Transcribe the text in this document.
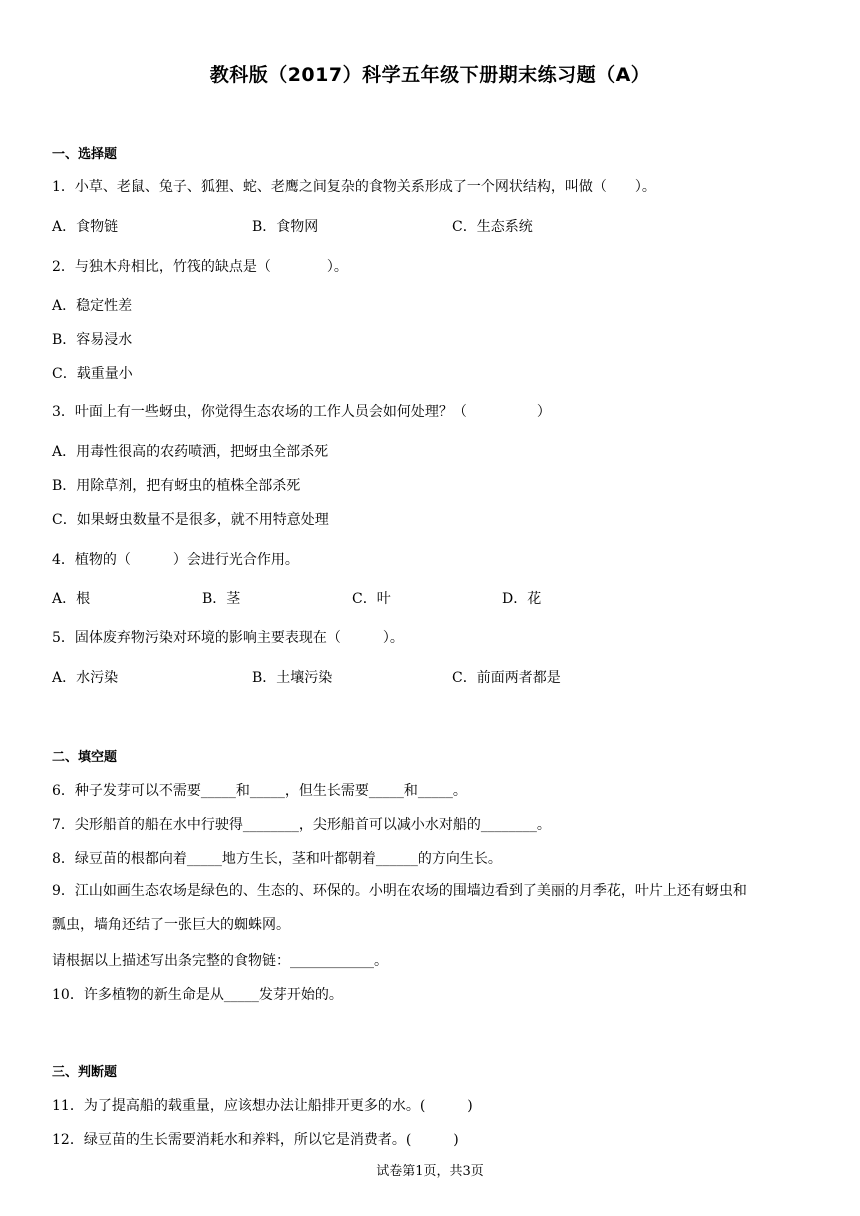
教科版（2017）科学五年级下册期末练习题（A）
一、选择题
1．小草、老鼠、兔子、狐狸、蛇、老鹰之间复杂的食物关系形成了一个网状结构，叫做（　　）。
A．食物链	B．食物网	C．生态系统
2．与独木舟相比，竹筏的缺点是（　　　　）。
A．稳定性差
B．容易浸水
C．载重量小
3．叶面上有一些蚜虫，你觉得生态农场的工作人员会如何处理？（　　　　　）
A．用毒性很高的农药喷洒，把蚜虫全部杀死
B．用除草剂，把有蚜虫的植株全部杀死
C．如果蚜虫数量不是很多，就不用特意处理
4．植物的（　　　）会进行光合作用。
A．根	B．茎	C．叶	D．花
5．固体废弃物污染对环境的影响主要表现在（　　　）。
A．水污染	B．土壤污染	C．前面两者都是
二、填空题
6．种子发芽可以不需要_____和_____，但生长需要_____和_____。
7．尖形船首的船在水中行驶得________，尖形船首可以减小水对船的________。
8．绿豆苗的根都向着_____地方生长，茎和叶都朝着______的方向生长。
9．江山如画生态农场是绿色的、生态的、环保的。小明在农场的围墙边看到了美丽的月季花，叶片上还有蚜虫和
瓢虫，墙角还结了一张巨大的蜘蛛网。
请根据以上描述写出条完整的食物链：____________。
10．许多植物的新生命是从_____发芽开始的。
三、判断题
11．为了提高船的载重量，应该想办法让船排开更多的水。(　　　)
12．绿豆苗的生长需要消耗水和养料，所以它是消费者。(　　　)
试卷第1页，共3页
